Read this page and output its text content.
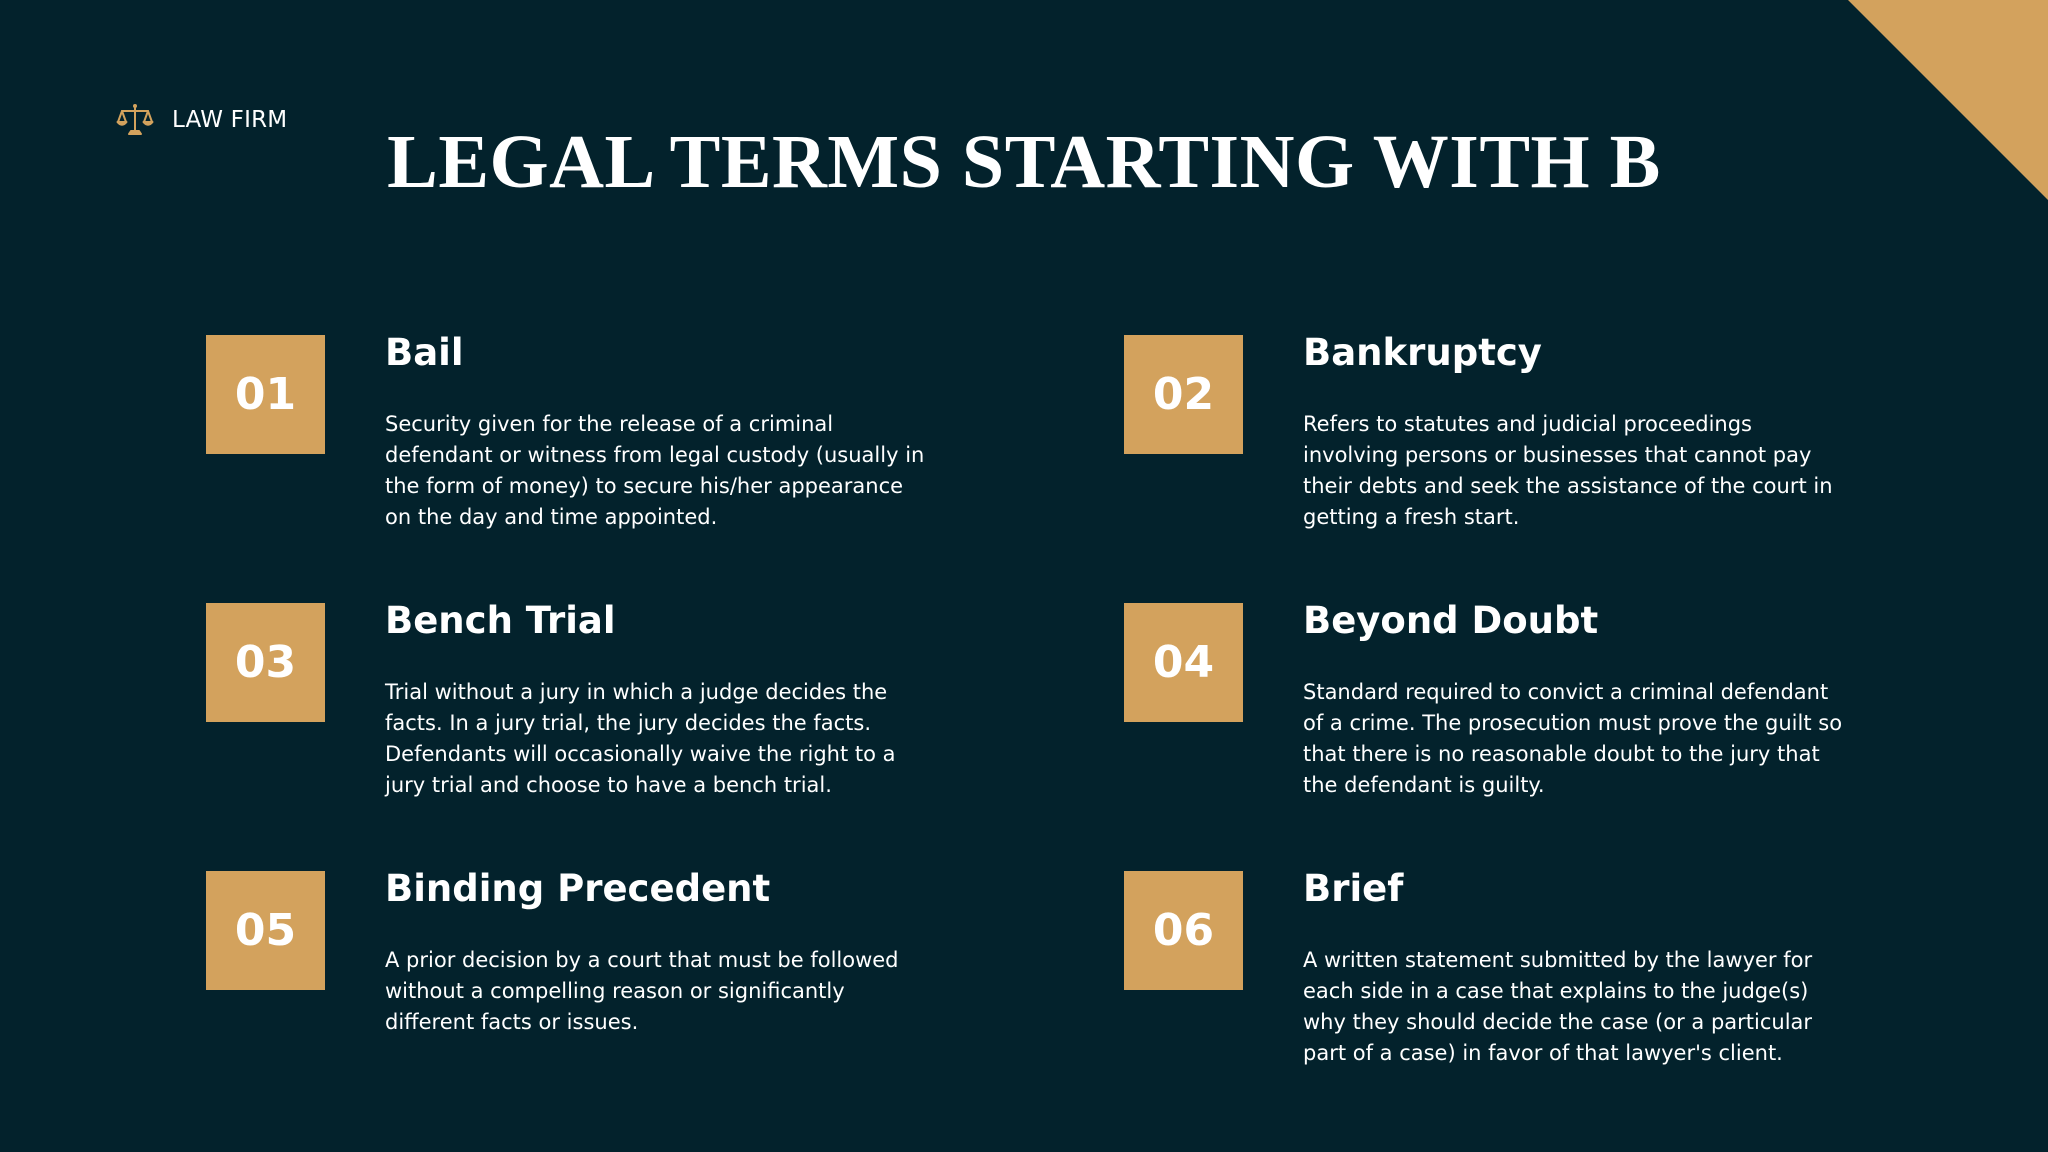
LAW FIRM	LEGAL TERMS STARTING WITH B
01
Bail

Security given for the release of a criminal defendant or witness from legal custody (usually in the form of money) to secure his/her appearance on the day and time appointed.

02
Bankruptcy

Refers to statutes and judicial proceedings involving persons or businesses that cannot pay their debts and seek the assistance of the court in getting a fresh start.

03
Bench Trial

Trial without a jury in which a judge decides the facts. In a jury trial, the jury decides the facts. Defendants will occasionally waive the right to a jury trial and choose to have a bench trial.

04
Beyond Doubt

Standard required to convict a criminal defendant of a crime. The prosecution must prove the guilt so that there is no reasonable doubt to the jury that the defendant is guilty.

05
Binding Precedent

A prior decision by a court that must be followed without a compelling reason or significantly different facts or issues.

06
Brief

A written statement submitted by the lawyer for each side in a case that explains to the judge(s) why they should decide the case (or a particular part of a case) in favor of that lawyer's client.
